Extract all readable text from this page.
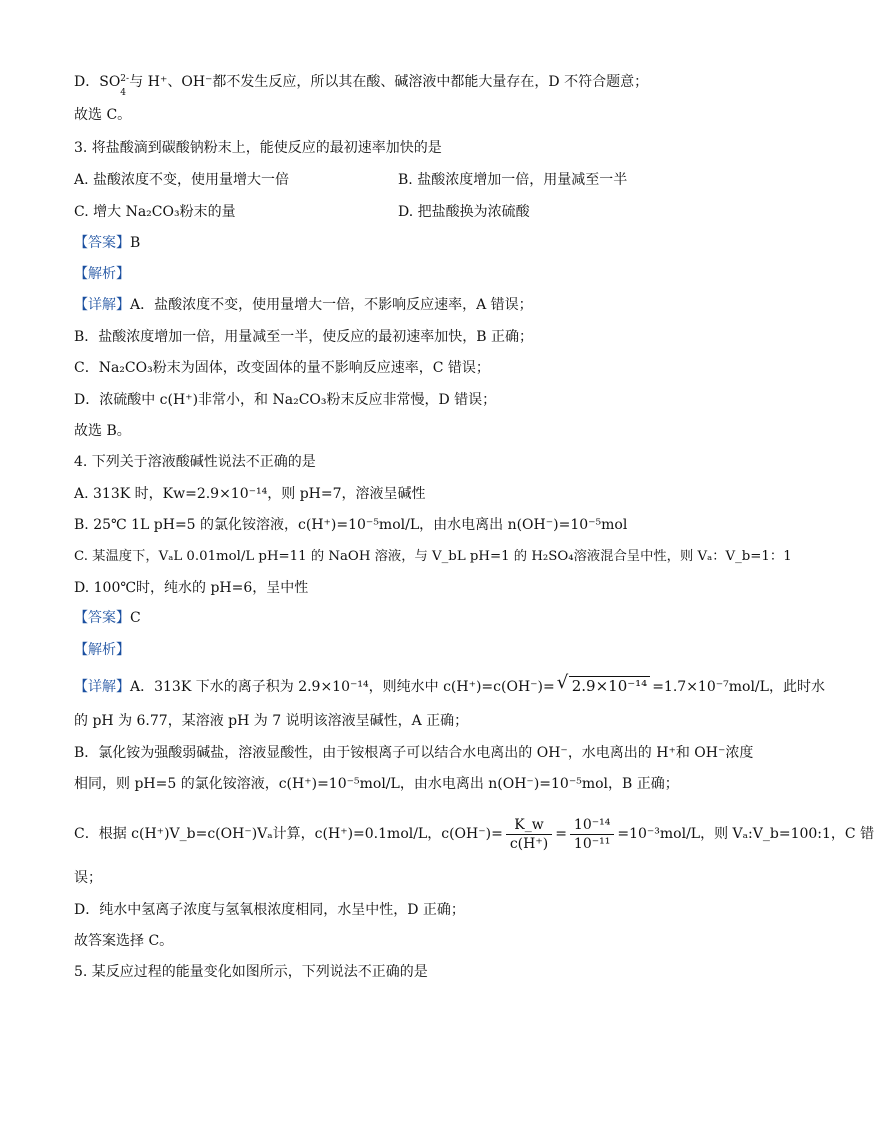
D．SO 2-
4
与 H⁺、OH⁻都不发生反应，所以其在酸、碱溶液中都能大量存在，D 不符合题意；
故选 C。
3. 将盐酸滴到碳酸钠粉末上，能使反应的最初速率加快的是
A. 盐酸浓度不变，使用量增大一倍	B. 盐酸浓度增加一倍，用量减至一半
C. 增大 Na₂CO₃粉末的量	D. 把盐酸换为浓硫酸
【答案】B
【解析】
【详解】A．盐酸浓度不变，使用量增大一倍，不影响反应速率，A 错误；
B．盐酸浓度增加一倍，用量减至一半，使反应的最初速率加快，B 正确；
C．Na₂CO₃粉末为固体，改变固体的量不影响反应速率，C 错误；
D．浓硫酸中 c(H⁺)非常小，和 Na₂CO₃粉末反应非常慢，D 错误；
故选 B。
4. 下列关于溶液酸碱性说法不正确的是
A. 313K 时，Kw=2.9×10⁻¹⁴，则 pH=7，溶液呈碱性
B. 25℃ 1L pH=5 的氯化铵溶液，c(H⁺)=10⁻⁵mol/L，由水电离出 n(OH⁻)=10⁻⁵mol
C. 某温度下，VₐL 0.01mol/L pH=11 的 NaOH 溶液，与 V_bL pH=1 的 H₂SO₄溶液混合呈中性，则 Vₐ：V_b=1：1
D. 100℃时，纯水的 pH=6，呈中性
【答案】C
【解析】
【详解】A．313K 下水的离子积为 2.9×10⁻¹⁴，则纯水中 c(H⁺)=c(OH⁻)= √ 2.9×10⁻¹⁴ =1.7×10⁻⁷mol/L，此时水
的 pH 为 6.77，某溶液 pH 为 7 说明该溶液呈碱性，A 正确；
B．氯化铵为强酸弱碱盐，溶液显酸性，由于铵根离子可以结合水电离出的 OH⁻，水电离出的 H⁺和 OH⁻浓度
相同，则 pH=5 的氯化铵溶液，c(H⁺)=10⁻⁵mol/L，由水电离出 n(OH⁻)=10⁻⁵mol，B 正确；
C．根据 c(H⁺)V_b=c(OH⁻)Vₐ计算，c(H⁺)=0.1mol/L，$c(OH^-)= \frac{K\_w}{c(H^+)} = \frac{\text{10⁻¹⁴}}{\text{10⁻¹¹}} =10^{-3}mol/L$，则 Vₐ:V_b=100:1，C 错
误；
D．纯水中氢离子浓度与氢氧根浓度相同，水呈中性，D 正确；
故答案选择 C。
5. 某反应过程的能量变化如图所示，下列说法不正确的是
